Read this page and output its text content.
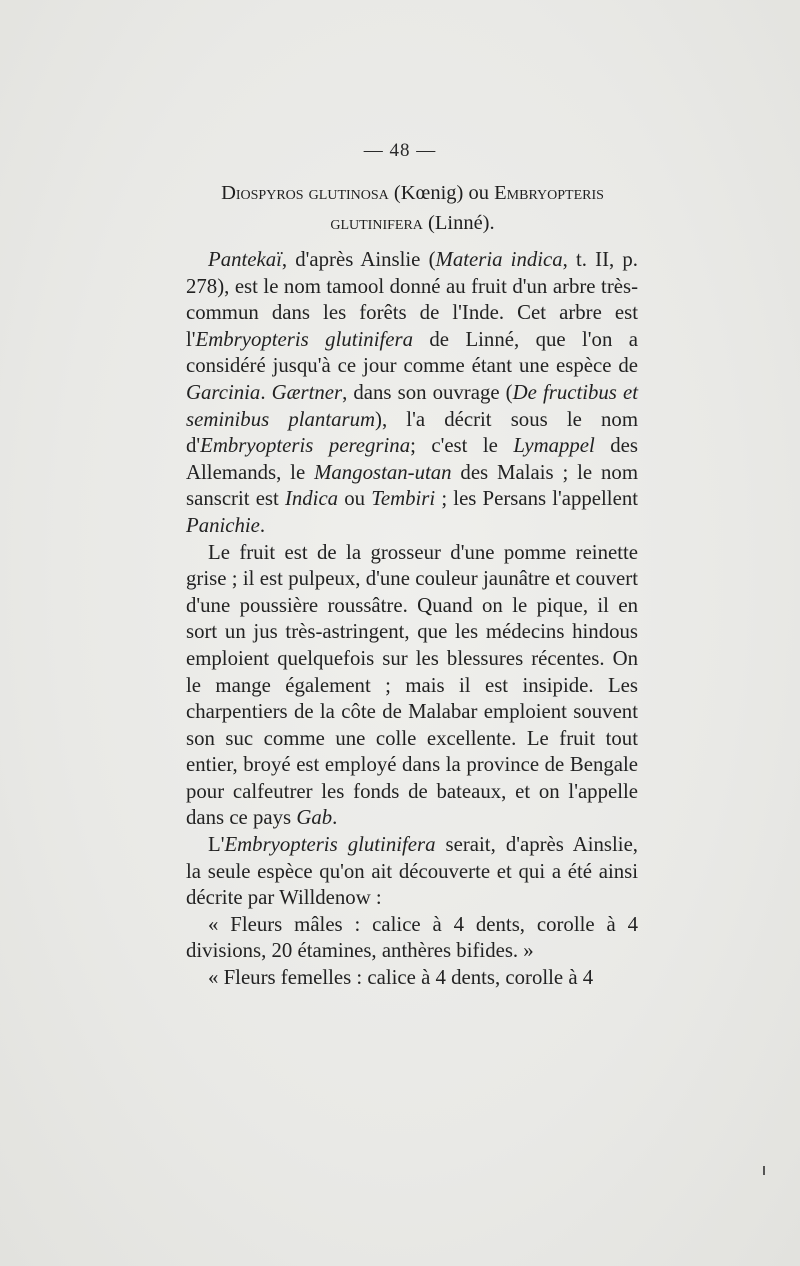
— 48 —
Diospyros glutinosa (Kœnig) ou Embryopteris
glutinifera (Linné).

Pantekaï, d'après Ainslie (Materia indica, t. II, p. 278), est le nom tamool donné au fruit d'un arbre très-commun dans les forêts de l'Inde. Cet arbre est l'Embryopteris glutinifera de Linné, que l'on a considéré jusqu'à ce jour comme étant une espèce de Garcinia. Gærtner, dans son ouvrage (De fructibus et seminibus plantarum), l'a décrit sous le nom d'Embryopteris peregrina; c'est le Lymappel des Allemands, le Mangostan-utan des Malais ; le nom sanscrit est Indica ou Tembiri ; les Persans l'appellent Panichie.

Le fruit est de la grosseur d'une pomme reinette grise ; il est pulpeux, d'une couleur jaunâtre et couvert d'une poussière roussâtre. Quand on le pique, il en sort un jus très-astringent, que les médecins hindous emploient quelquefois sur les blessures récentes. On le mange également ; mais il est insipide. Les charpentiers de la côte de Malabar emploient souvent son suc comme une colle excellente. Le fruit tout entier, broyé est employé dans la province de Bengale pour calfeutrer les fonds de bateaux, et on l'appelle dans ce pays Gab.

L'Embryopteris glutinifera serait, d'après Ainslie, la seule espèce qu'on ait découverte et qui a été ainsi décrite par Willdenow :

« Fleurs mâles : calice à 4 dents, corolle à 4 divisions, 20 étamines, anthères bifides. »

« Fleurs femelles : calice à 4 dents, corolle à 4
